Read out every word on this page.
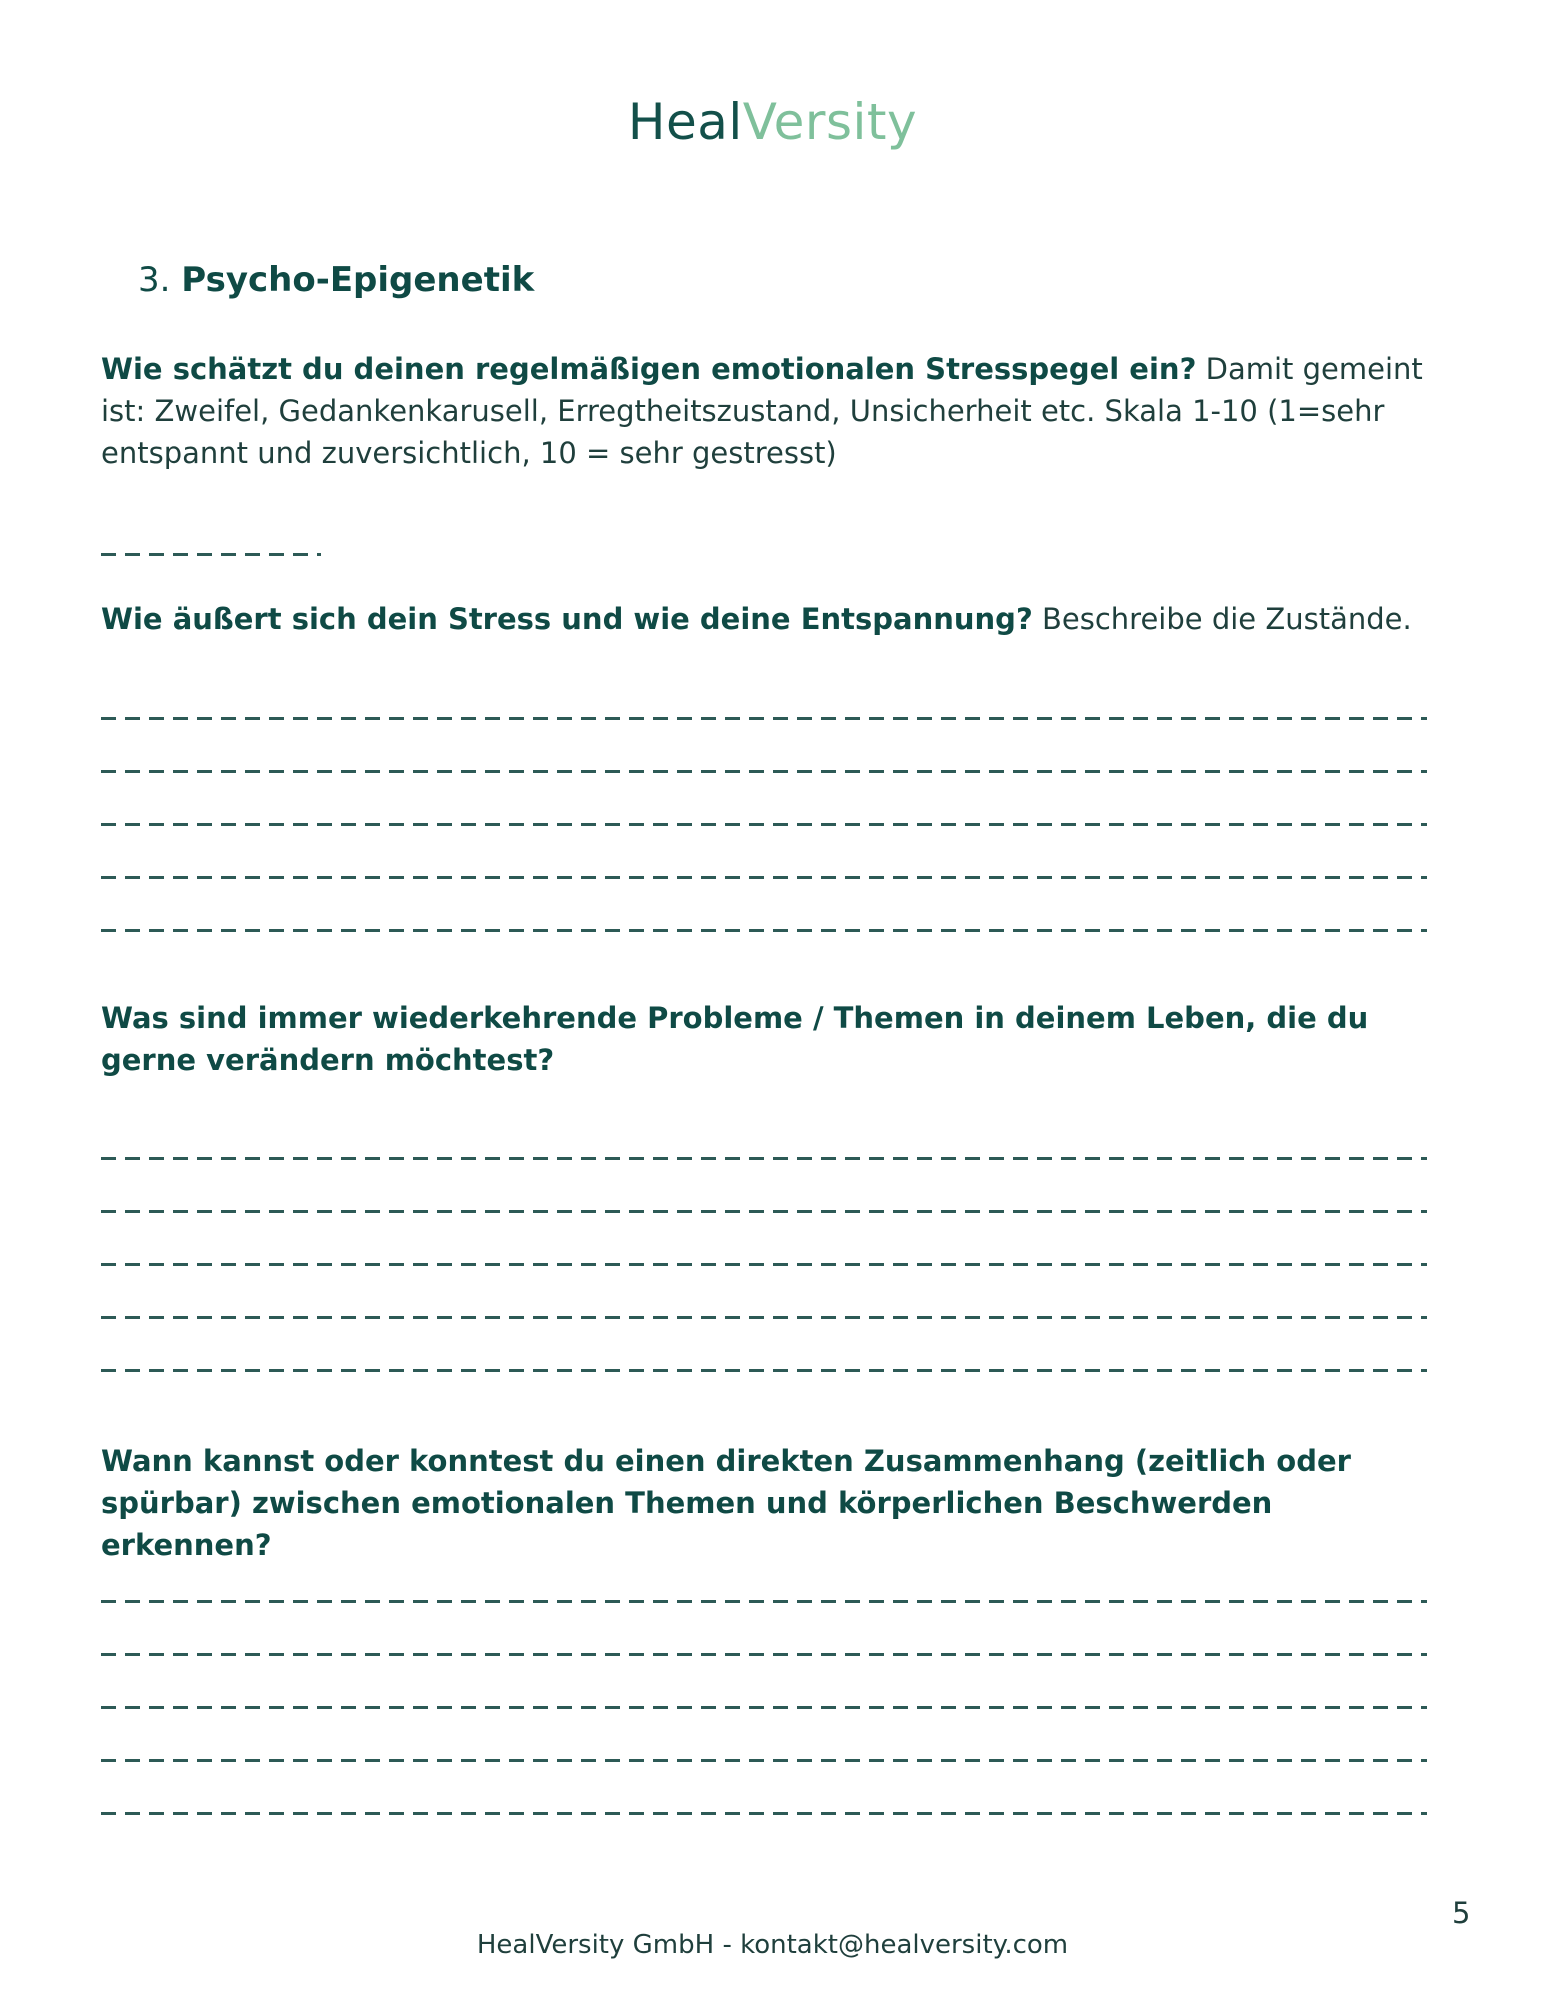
HealVersity
3. Psycho-Epigenetik
Wie schätzt du deinen regelmäßigen emotionalen Stresspegel ein? Damit gemeint ist: Zweifel, Gedankenkarusell, Erregtheitszustand, Unsicherheit etc. Skala 1-10 (1=sehr entspannt und zuversichtlich, 10 = sehr gestresst)
Wie äußert sich dein Stress und wie deine Entspannung? Beschreibe die Zustände.
Was sind immer wiederkehrende Probleme / Themen in deinem Leben, die du gerne verändern möchtest?
Wann kannst oder konntest du einen direkten Zusammenhang (zeitlich oder spürbar) zwischen emotionalen Themen und körperlichen Beschwerden erkennen?
5
HealVersity GmbH - kontakt@healversity.com
